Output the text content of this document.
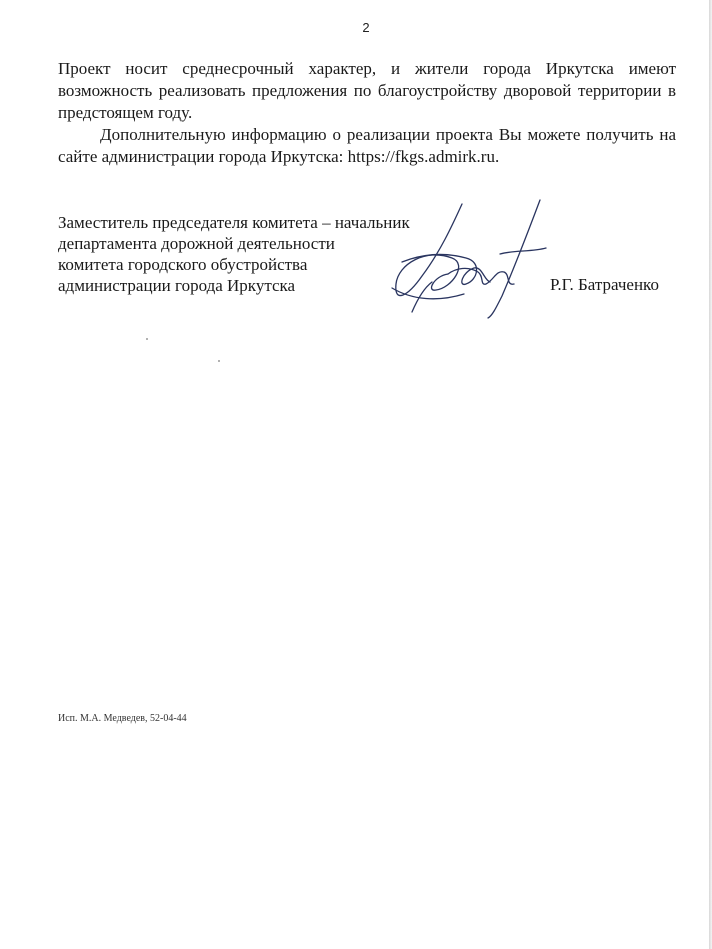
2

Проект носит среднесрочный характер, и жители города Иркутска имеют возможность реализовать предложения по благоустройству дворовой территории в предстоящем году.

Дополнительную информацию о реализации проекта Вы можете получить на сайте администрации города Иркутска: https://fkgs.admirk.ru.

Заместитель председателя комитета – начальник
департамента дорожной деятельности
комитета городского обустройства
администрации города Иркутска	Р.Г. Батраченко
Исп. М.А. Медведев, 52-04-44
